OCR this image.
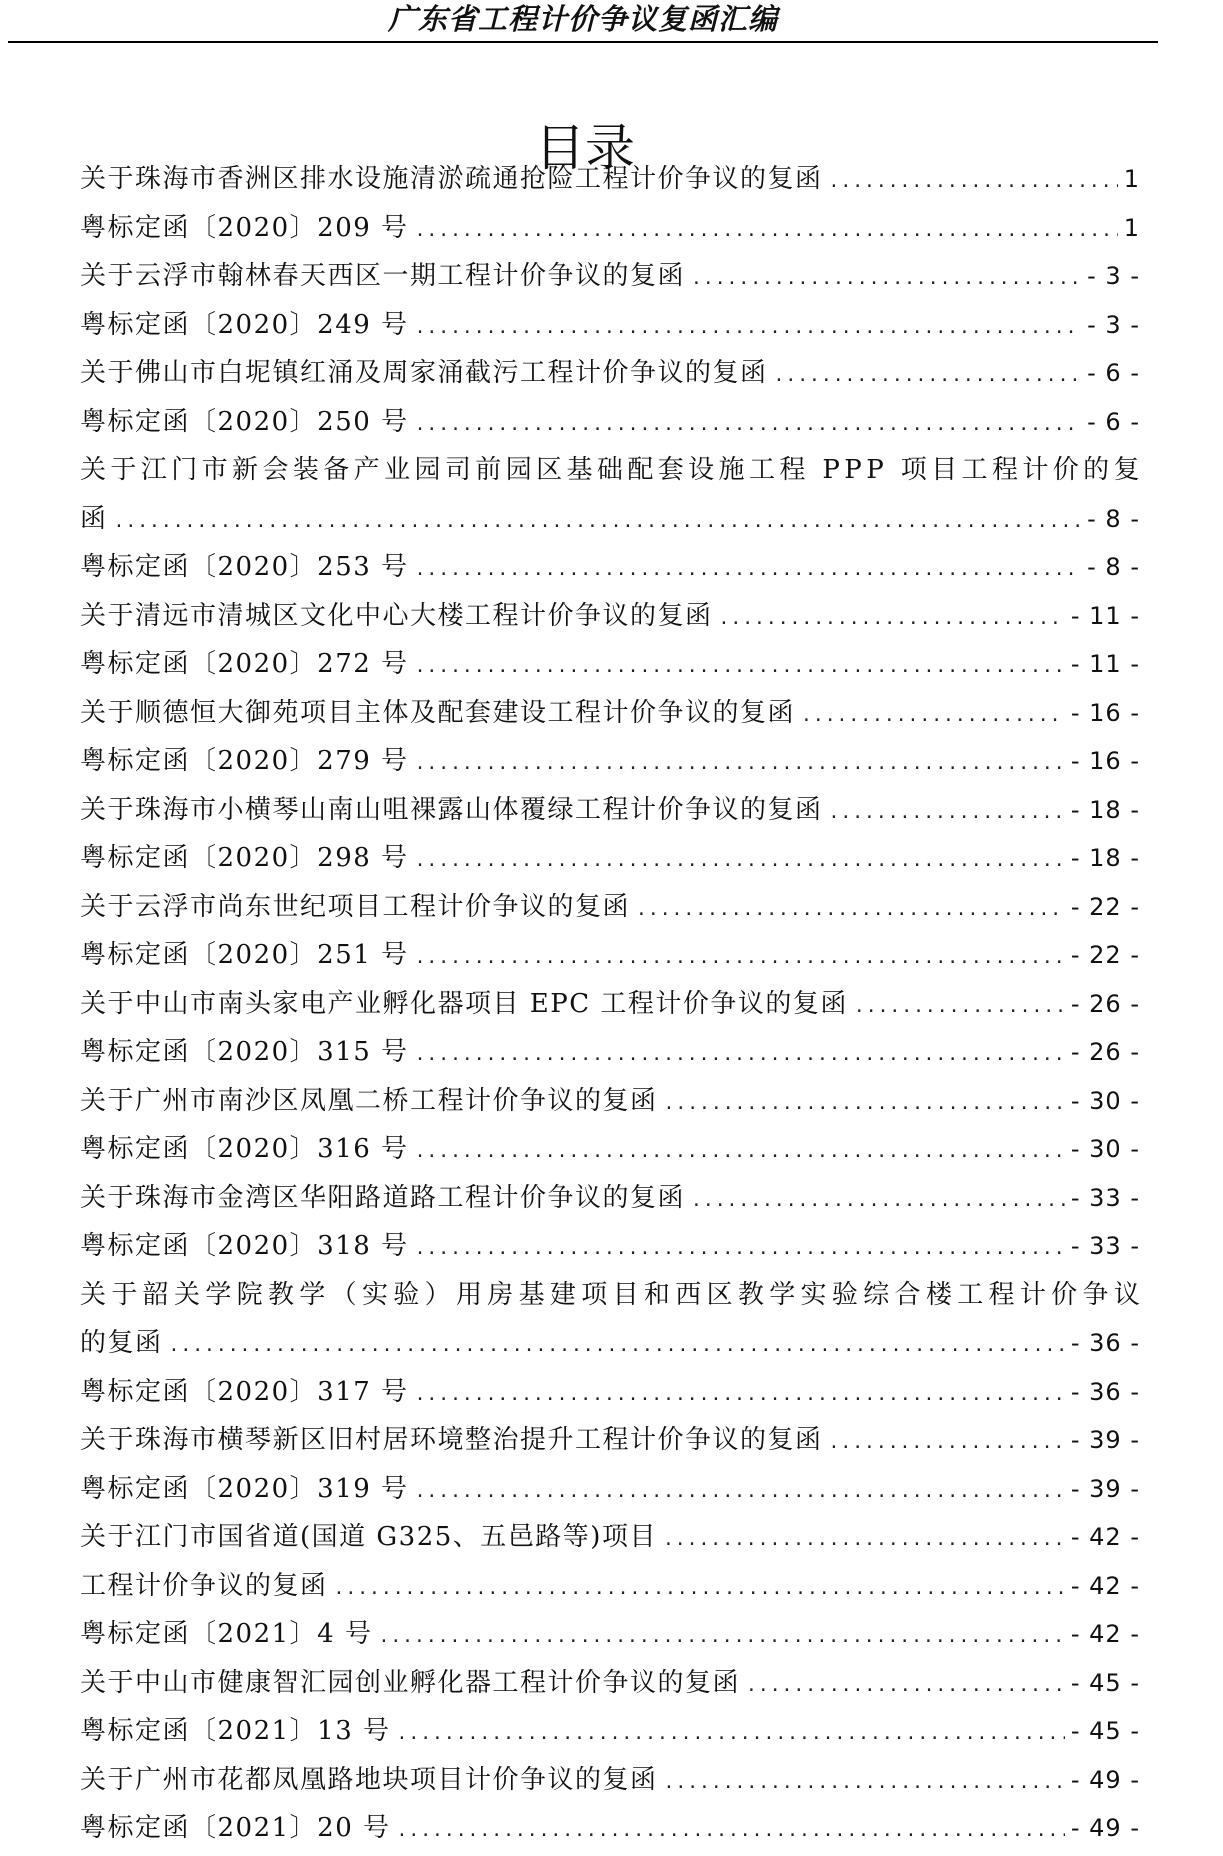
广东省工程计价争议复函汇编
目录
关于珠海市香洲区排水设施清淤疏通抢险工程计价争议的复函 .....	1
粤标定函〔2020〕209 号 .....	1
关于云浮市翰林春天西区一期工程计价争议的复函 .....	- 3 -
粤标定函〔2020〕249 号 .....	- 3 -
关于佛山市白坭镇红涌及周家涌截污工程计价争议的复函 .....	- 6 -
粤标定函〔2020〕250 号 .....	- 6 -
关 于 江 门 市 新 会 装 备 产 业 园 司 前 园 区 基 础 配 套 设 施 工 程
P P P
项 目 工 程 计 价 的 复
函 .....	- 8 -
粤标定函〔2020〕253 号 .....	- 8 -
关于清远市清城区文化中心大楼工程计价争议的复函 .....	- 11 -
粤标定函〔2020〕272 号 .....	- 11 -
关于顺德恒大御苑项目主体及配套建设工程计价争议的复函 .....	- 16 -
粤标定函〔2020〕279 号 .....	- 16 -
关于珠海市小横琴山南山咀裸露山体覆绿工程计价争议的复函 .....	- 18 -
粤标定函〔2020〕298 号 .....	- 18 -
关于云浮市尚东世纪项目工程计价争议的复函 .....	- 22 -
粤标定函〔2020〕251 号 .....	- 22 -
关于中山市南头家电产业孵化器项目 EPC 工程计价争议的复函 .....	- 26 -
粤标定函〔2020〕315 号 .....	- 26 -
关于广州市南沙区凤凰二桥工程计价争议的复函 .....	- 30 -
粤标定函〔2020〕316 号 .....	- 30 -
关于珠海市金湾区华阳路道路工程计价争议的复函 .....	- 33 -
粤标定函〔2020〕318 号 .....	- 33 -
关 于 韶 关 学 院 教 学 （ 实 验 ） 用 房 基 建 项 目 和 西 区 教 学 实 验 综 合 楼 工 程 计 价 争 议
的复函 .....	- 36 -
粤标定函〔2020〕317 号 .....	- 36 -
关于珠海市横琴新区旧村居环境整治提升工程计价争议的复函 .....	- 39 -
粤标定函〔2020〕319 号 .....	- 39 -
关于江门市国省道(国道 G325、五邑路等)项目 .....	- 42 -
工程计价争议的复函 .....	- 42 -
粤标定函〔2021〕4 号 .....	- 42 -
关于中山市健康智汇园创业孵化器工程计价争议的复函 .....	- 45 -
粤标定函〔2021〕13 号 .....	- 45 -
关于广州市花都凤凰路地块项目计价争议的复函 .....	- 49 -
粤标定函〔2021〕20 号 .....	- 49 -
